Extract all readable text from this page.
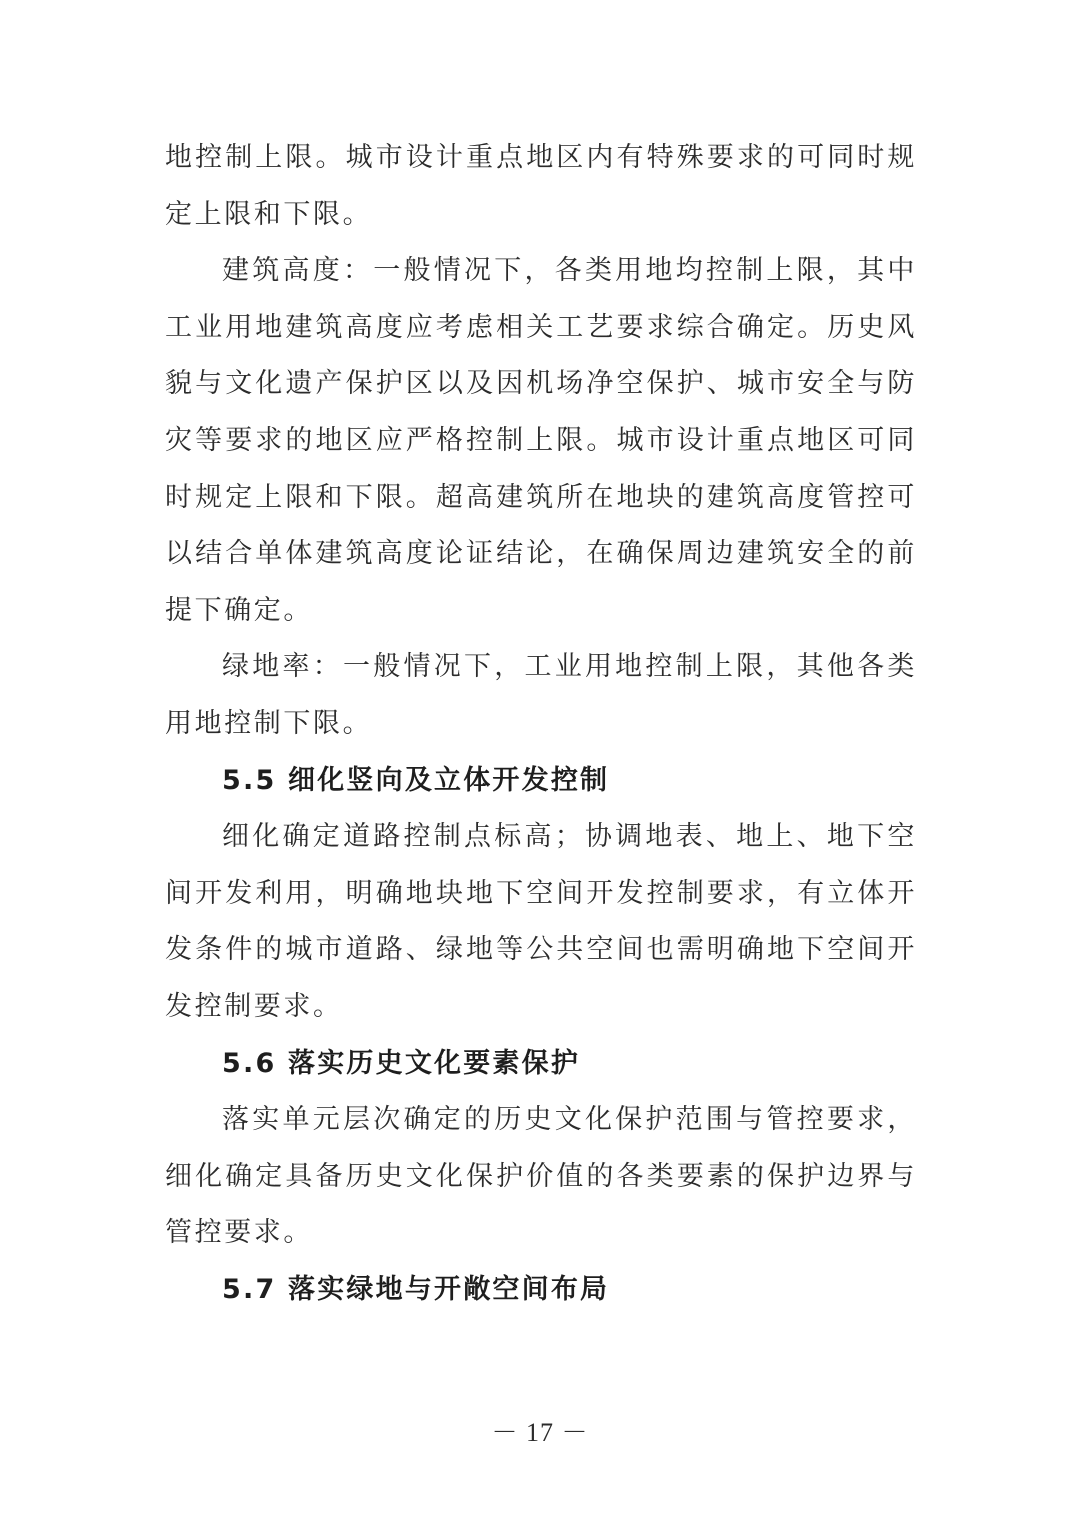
地控制上限。城市设计重点地区内有特殊要求的可同时规定上限和下限。

建筑高度：一般情况下，各类用地均控制上限，其中工业用地建筑高度应考虑相关工艺要求综合确定。历史风貌与文化遗产保护区以及因机场净空保护、城市安全与防灾等要求的地区应严格控制上限。城市设计重点地区可同时规定上限和下限。超高建筑所在地块的建筑高度管控可以结合单体建筑高度论证结论，在确保周边建筑安全的前提下确定。

绿地率：一般情况下，工业用地控制上限，其他各类用地控制下限。

5.5 细化竖向及立体开发控制

细化确定道路控制点标高；协调地表、地上、地下空间开发利用，明确地块地下空间开发控制要求，有立体开发条件的城市道路、绿地等公共空间也需明确地下空间开发控制要求。

5.6 落实历史文化要素保护

落实单元层次确定的历史文化保护范围与管控要求，细化确定具备历史文化保护价值的各类要素的保护边界与管控要求。

5.7 落实绿地与开敞空间布局
－ 17 －
